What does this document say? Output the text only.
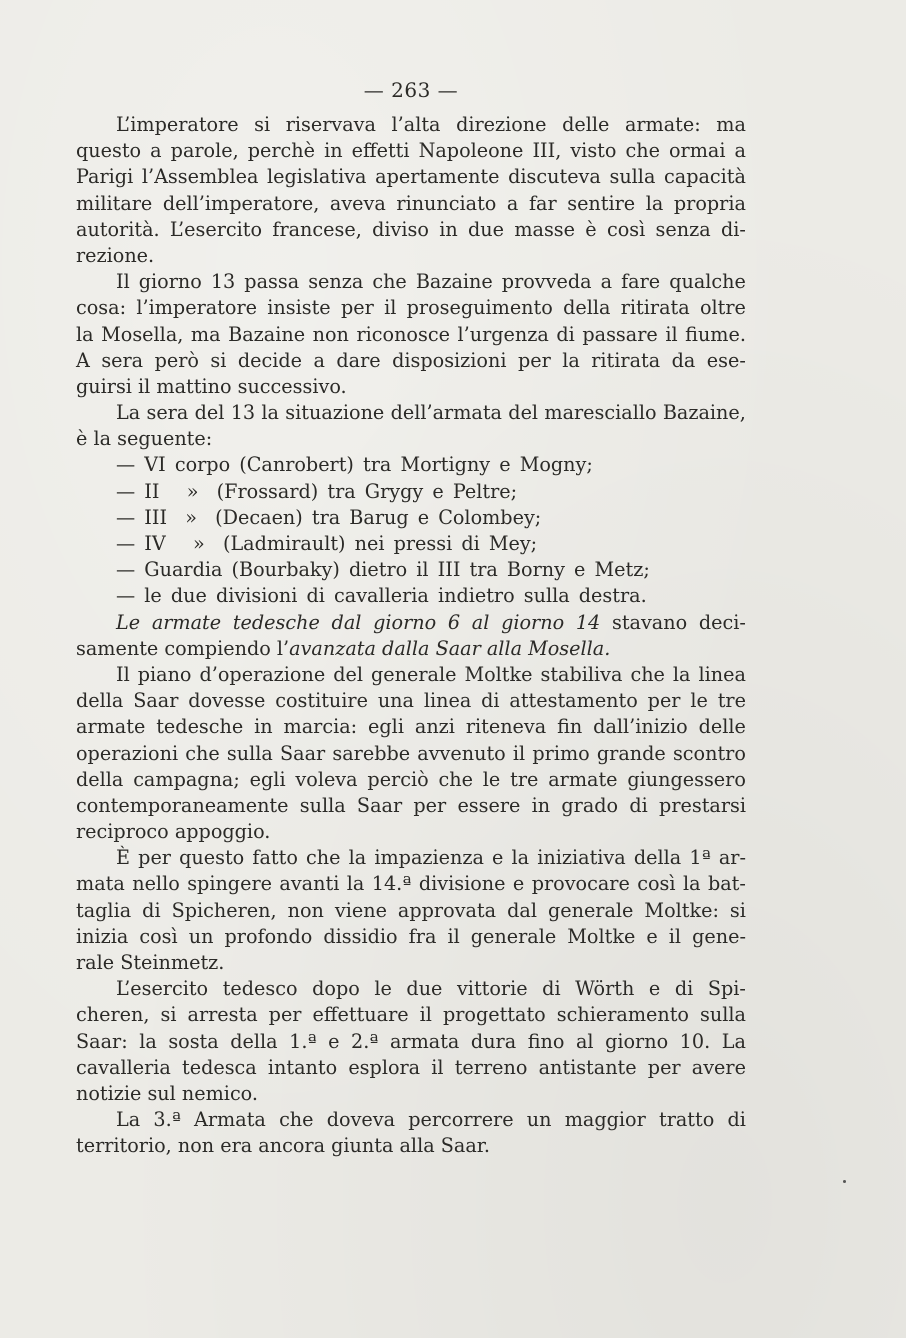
— 263 —
L’imperatore si riservava l’alta direzione delle armate: ma
questo a parole, perchè in effetti Napoleone III, visto che ormai a
Parigi l’Assemblea legislativa apertamente discuteva sulla capacità
militare dell’imperatore, aveva rinunciato a far sentire la propria
autorità. L’esercito francese, diviso in due masse è così senza di-
rezione.
Il giorno 13 passa senza che Bazaine provveda a fare qualche
cosa: l’imperatore insiste per il proseguimento della ritirata oltre
la Mosella, ma Bazaine non riconosce l’urgenza di passare il fiume.
A sera però si decide a dare disposizioni per la ritirata da ese-
guirsi il mattino successivo.
La sera del 13 la situazione dell’armata del maresciallo Bazaine,
è la seguente:
— VI corpo (Canrobert) tra Mortigny e Mogny;
— II   »  (Frossard) tra Grygy e Peltre;
— III  »  (Decaen) tra Barug e Colombey;
— IV   »  (Ladmirault) nei pressi di Mey;
— Guardia (Bourbaky) dietro il III tra Borny e Metz;
— le due divisioni di cavalleria indietro sulla destra.
Le armate tedesche dal giorno 6 al giorno 14 stavano deci-
samente compiendo l’ avanzata dalla Saar alla Mosella.
Il piano d’operazione del generale Moltke stabiliva che la linea
della Saar dovesse costituire una linea di attestamento per le tre
armate tedesche in marcia: egli anzi riteneva fin dall’inizio delle
operazioni che sulla Saar sarebbe avvenuto il primo grande scontro
della campagna; egli voleva perciò che le tre armate giungessero
contemporaneamente sulla Saar per essere in grado di prestarsi
reciproco appoggio.
È per questo fatto che la impazienza e la iniziativa della 1ª ar-
mata nello spingere avanti la 14.ª divisione e provocare così la bat-
taglia di Spicheren, non viene approvata dal generale Moltke: si
inizia così un profondo dissidio fra il generale Moltke e il gene-
rale Steinmetz.
L’esercito tedesco dopo le due vittorie di Wörth e di Spi-
cheren, si arresta per effettuare il progettato schieramento sulla
Saar: la sosta della 1.ª e 2.ª armata dura fino al giorno 10. La
cavalleria tedesca intanto esplora il terreno antistante per avere
notizie sul nemico.
La 3.ª Armata che doveva percorrere un maggior tratto di
territorio, non era ancora giunta alla Saar.
